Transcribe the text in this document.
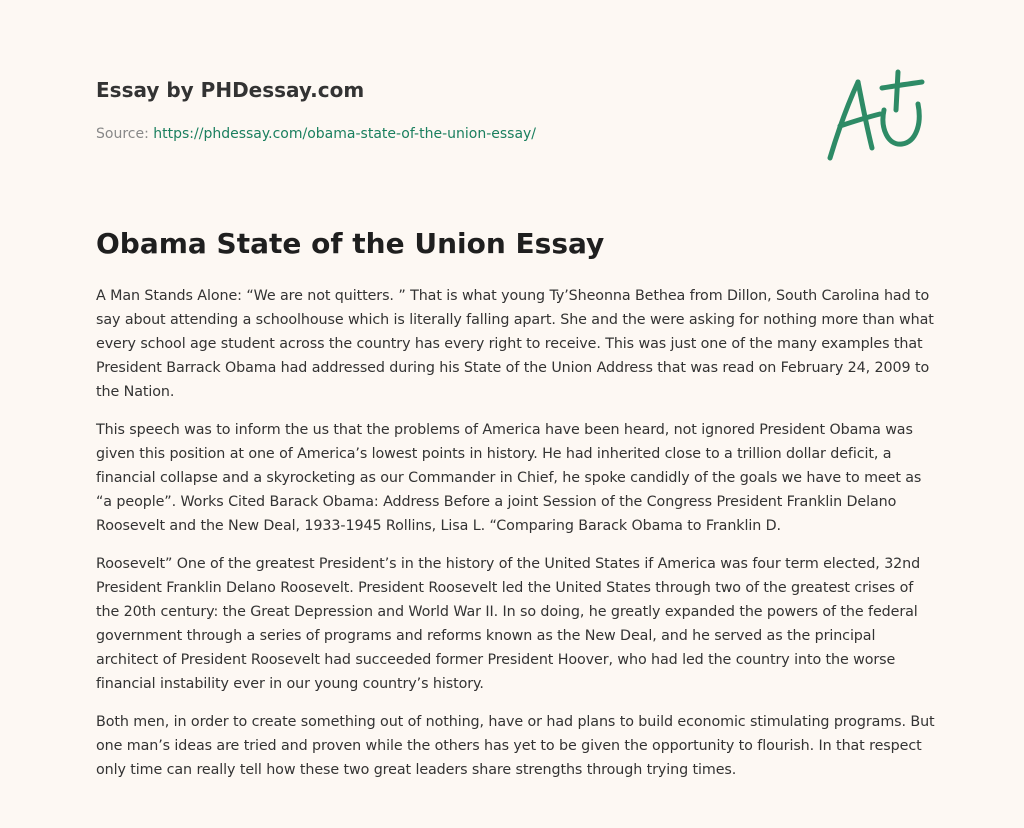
Essay by PHDessay.com
Source: https://phdessay.com/obama-state-of-the-union-essay/
Obama State of the Union Essay

A Man Stands Alone: “We are not quitters. ” That is what young Ty’Sheonna Bethea from Dillon, South Carolina had to say about attending a schoolhouse which is literally falling apart. She and the were asking for nothing more than what every school age student across the country has every right to receive. This was just one of the many examples that President Barrack Obama had addressed during his State of the Union Address that was read on February 24, 2009 to the Nation.

This speech was to inform the us that the problems of America have been heard, not ignored President Obama was given this position at one of America’s lowest points in history. He had inherited close to a trillion dollar deficit, a financial collapse and a skyrocketing as our Commander in Chief, he spoke candidly of the goals we have to meet as “a people”. Works Cited Barack Obama: Address Before a joint Session of the Congress President Franklin Delano Roosevelt and the New Deal, 1933-1945 Rollins, Lisa L. “Comparing Barack Obama to Franklin D.

Roosevelt” One of the greatest President’s in the history of the United States if America was four term elected, 32nd President Franklin Delano Roosevelt. President Roosevelt led the United States through two of the greatest crises of the 20th century: the Great Depression and World War II. In so doing, he greatly expanded the powers of the federal government through a series of programs and reforms known as the New Deal, and he served as the principal architect of President Roosevelt had succeeded former President Hoover, who had led the country into the worse financial instability ever in our young country’s history.

Both men, in order to create something out of nothing, have or had plans to build economic stimulating programs. But one man’s ideas are tried and proven while the others has yet to be given the opportunity to flourish. In that respect only time can really tell how these two great leaders share strengths through trying times.
